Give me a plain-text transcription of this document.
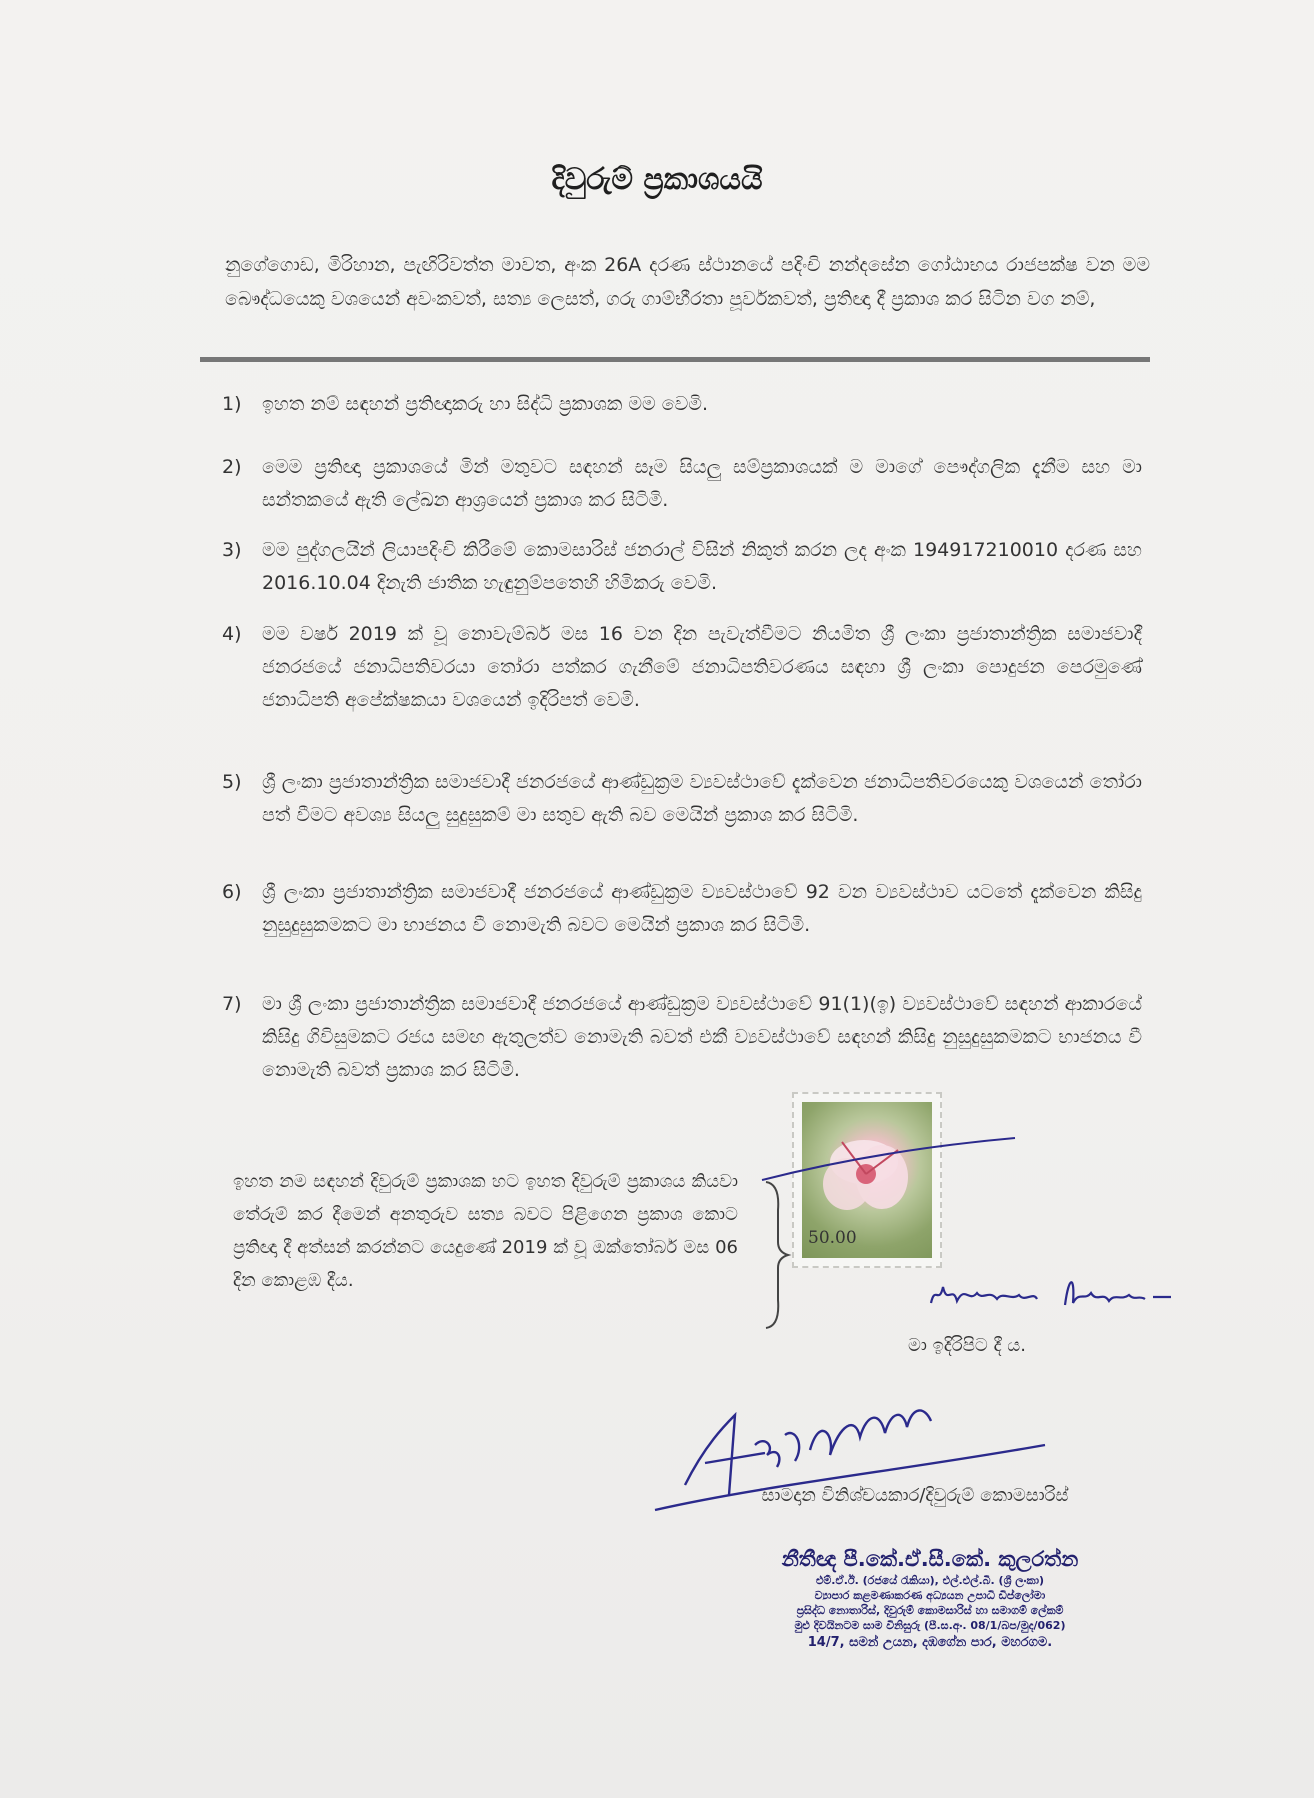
දිවුරුම් ප්‍රකාශයයි
නුගේගොඩ, මිරිහාන, පැඟිරිවත්ත මාවත, අංක 26A දරණ ස්ථානයේ පදිංචි නන්දසේන ගෝඨාභය රාජපක්ෂ වන මම බෞද්ධයෙකු වශයෙන් අවංකවත්, සත්‍ය ලෙසත්, ගරු ගාම්භීරතා පූර්වකවත්, ප්‍රතිඥා දී ප්‍රකාශ කර සිටින වග නම්,
1)	ඉහත නම් සඳහන් ප්‍රතිඥාකරු හා සිද්ධි ප්‍රකාශක මම වෙමි.
2)	මෙම ප්‍රතිඥා ප්‍රකාශයේ මින් මතුවට සඳහන් සෑම සියලු සම්ප්‍රකාශයක් ම මාගේ පෞද්ගලික දැනීම සහ මා සන්තකයේ ඇති ලේඛන ආශ්‍රයෙන් ප්‍රකාශ කර සිටිමි.
3)	මම පුද්ගලයින් ලියාපදිංචි කිරීමේ කොමසාරිස් ජනරාල් විසින් නිකුත් කරන ලද අංක 194917210010 දරණ සහ 2016.10.04 දිනැති ජාතික හැඳුනුම්පතෙහි හිමිකරු වෙමි.
4)	මම වර්ෂ 2019 ක් වූ නොවැම්බර් මස 16 වන දින පැවැත්වීමට නියමිත ශ්‍රී ලංකා ප්‍රජාතාන්ත්‍රික සමාජවාදී ජනරජයේ ජනාධිපතිවරයා තෝරා පත්කර ගැනීමේ ජනාධිපතිවරණය සඳහා ශ්‍රී ලංකා පොදුජන පෙරමුණේ ජනාධිපති අපේක්ෂකයා වශයෙන් ඉදිරිපත් වෙමි.
5)	ශ්‍රී ලංකා ප්‍රජාතාන්ත්‍රික සමාජවාදී ජනරජයේ ආණ්ඩුක්‍රම ව්‍යවස්ථාවේ දැක්වෙන ජනාධිපතිවරයෙකු වශයෙන් තෝරා පත් වීමට අවශ්‍ය සියලු සුදුසුකම් මා සතුව ඇති බව මෙයින් ප්‍රකාශ කර සිටිමි.
6)	ශ්‍රී ලංකා ප්‍රජාතාන්ත්‍රික සමාජවාදී ජනරජයේ ආණ්ඩුක්‍රම ව්‍යවස්ථාවේ 92 වන ව්‍යවස්ථාව යටතේ දැක්වෙන කිසිදු නුසුදුසුකමකට මා භාජනය වී නොමැති බවට මෙයින් ප්‍රකාශ කර සිටිමි.
7)	මා ශ්‍රී ලංකා ප්‍රජාතාන්ත්‍රික සමාජවාදී ජනරජයේ ආණ්ඩුක්‍රම ව්‍යවස්ථාවේ 91(1)(ඉ) ව්‍යවස්ථාවේ සඳහන් ආකාරයේ කිසිදු ගිවිසුමකට රජය සමඟ ඇතුලත්ව නොමැති බවත් එකී ව්‍යවස්ථාවේ සඳහන් කිසිදු නුසුදුසුකමකට භාජනය වී නොමැති බවත් ප්‍රකාශ කර සිටිමි.
ඉහත නම සඳහන් දිවුරුම් ප්‍රකාශක හට ඉහත දිවුරුම් ප්‍රකාශය කියවා තේරුම් කර දීමෙන් අනතුරුව සත්‍ය බවට පිළිගෙන ප්‍රකාශ කොට ප්‍රතිඥා දී අත්සන් කරන්නට යෙදුණේ 2019 ක් වූ ඔක්තෝබර් මස 06 දින කොළඹ දීය.
50.00
මා ඉදිරිපිට දී ය.
සාමදාන විනිශ්චයකාර/දිවුරුම් කොමසාරිස්
නීතීඥ පී.කේ.ඒ.සී.කේ. කුලරත්න
එම්.ඒ.ඊ. (රජයේ රැකියා), එල්.එල්.බී. (ශ්‍රී ලංකා)
ව්‍යාපාර කළමණාකරණ අධ්‍යයන උපාධි ඩිප්ලෝමා
ප්‍රසිද්ධ නොතාරිස්, දිවුරුම් කොමසාරිස් හා සමාගම් ලේකම්
මුළු දිවයිනටම සාම විනිසුරු (පී.ස.අං. 08/1/බප/මුද/062)
14/7, සමන් උයන, දඹගේන පාර, මහරගම.
